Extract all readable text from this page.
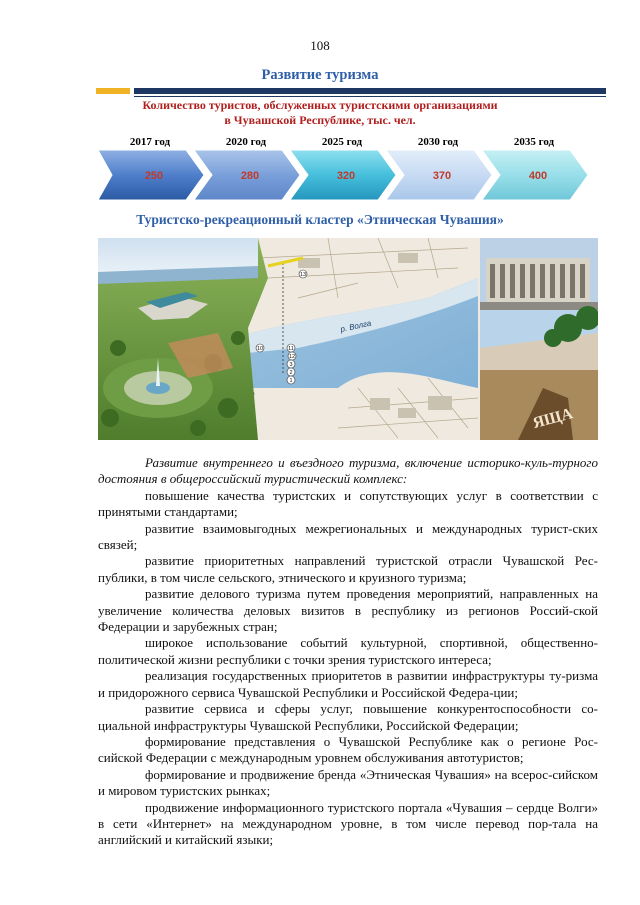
108
Развитие туризма
Количество туристов, обслуженных туристскими организациями
в Чувашской Республике, тыс. чел.
2017 год	2020 год	2025 год	2030 год	2035 год
250	280	320	370	400
Туристско-рекреационный кластер «Этническая Чувашия»
р. Волга
13
10	11
12
3
2
1
ЯЩА

Развитие внутреннего и въездного туризма, включение историко-куль-турного достояния в общероссийский туристический комплекс:

повышение качества туристских и сопутствующих услуг в соответствии с принятыми стандартами;

развитие взаимовыгодных межрегиональных и международных турист-ских связей;

развитие приоритетных направлений туристской отрасли Чувашской Рес-публики, в том числе сельского, этнического и круизного туризма;

развитие делового туризма путем проведения мероприятий, направленных на увеличение количества деловых визитов в республику из регионов Россий-ской Федерации и зарубежных стран;

широкое использование событий культурной, спортивной, общественно-политической жизни республики с точки зрения туристского интереса;

реализация государственных приоритетов в развитии инфраструктуры ту-ризма и придорожного сервиса Чувашской Республики и Российской Федера-ции;

развитие сервиса и сферы услуг, повышение конкурентоспособности со-циальной инфраструктуры Чувашской Республики, Российской Федерации;

формирование представления о Чувашской Республике как о регионе Рос-сийской Федерации с международным уровнем обслуживания автотуристов;

формирование и продвижение бренда «Этническая Чувашия» на всерос-сийском и мировом туристских рынках;

продвижение информационного туристского портала «Чувашия – сердце Волги» в сети «Интернет» на международном уровне, в том числе перевод пор-тала на английский и китайский языки;
